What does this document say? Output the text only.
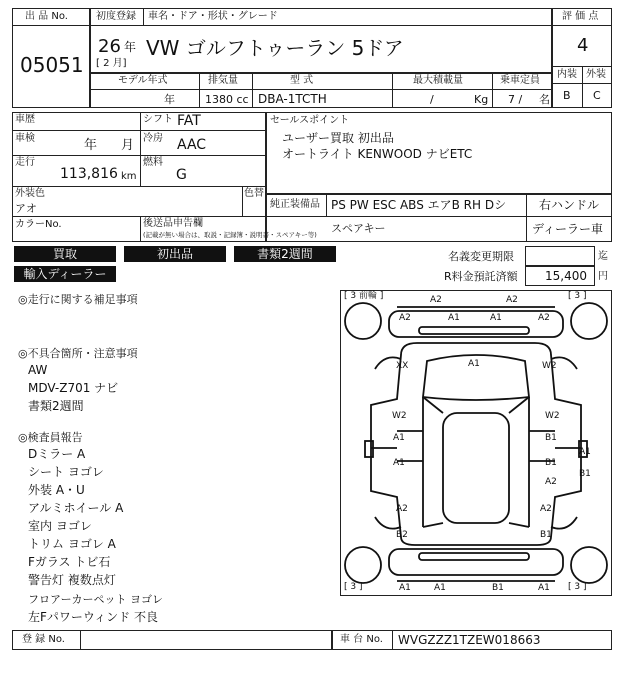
出 品 No.
05051
初度登録 車名・ドア・形状・グレード
26 年
[ 2 月]
VW ゴルフトゥーラン 5ドア
評 価 点
4
内装 外装
B C
モデル年式	排気量	型 式	最大積載量	乗車定員
年	1380 cc DBA-1TCTH	/	Kg 7 / 名
車歴	シフト FAT
車検	年 月 冷房 AAC
走行
113,816 km
燃料
G
外装色
アオ
色替
カラーNo.	後送品申告欄
(記載が無い場合は、取説・記録簿・説明書・スペアキー等)
セールスポイント
ユーザー買取 初出品
オートライト KENWOOD ナビETC
純正装備品 PS PW ESC ABS エアB RH Dシ	右ハンドル
スペアキー	ディーラー車
買取	初出品	書類2週間
輸入ディーラー
名義変更期限	迄
R料金預託済額 15,400 円
◎走行に関する補足事項
◎不具合箇所・注意事項
AW
MDV-Z701 ナビ
書類2週間
◎検査員報告
Dミラー A
シート ヨゴレ
外装 A・U
アルミホイール A
室内 ヨゴレ
トリム ヨゴレ A
Fガラス トビ石
警告灯 複数点灯
フロアーカーペット ヨゴレ
左Fパワーウィンド 不良
[ 3 前輪 ]	[ 3 ]
[ 3 ]	[ 3 ]
A2	A2
A2	A1	A1	A2
XX	A1	W2
W2
A1
W2
B1
A1	B1
A2
A1
B1
A2
B2
A2
B1
A1	A1	B1	A1
登 録 No.	車 台 No. WVGZZZ1TZEW018663
